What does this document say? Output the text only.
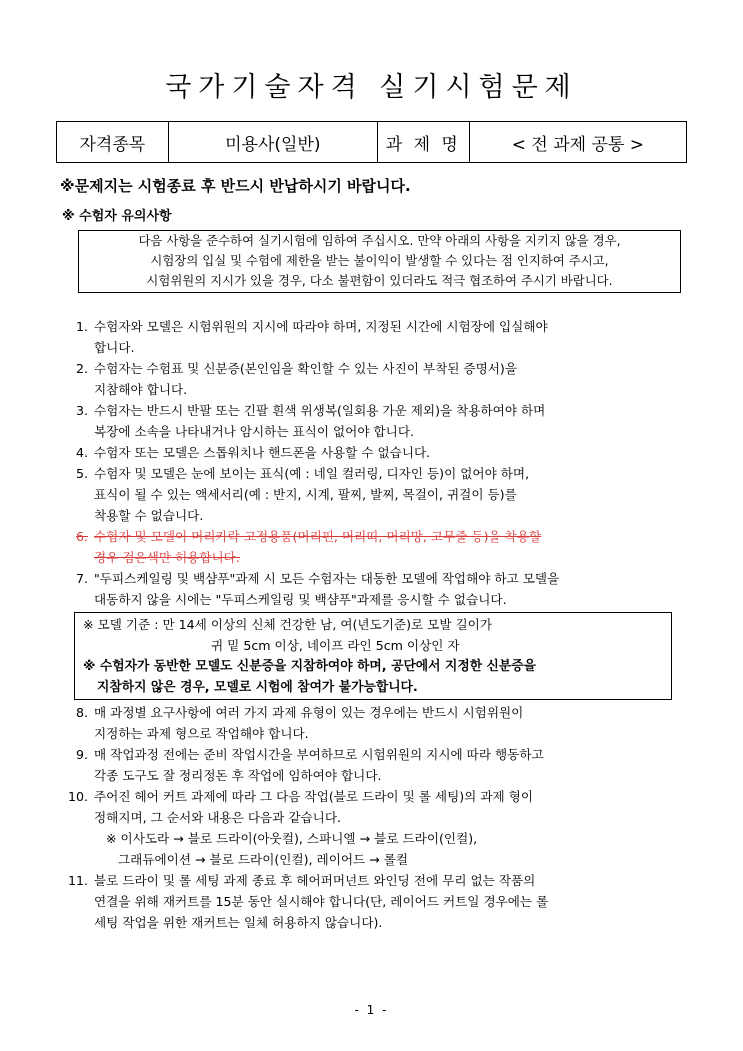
국가기술자격 실기시험문제
자격종목	미용사(일반)	과 제 명	< 전 과제 공통 >
※문제지는 시험종료 후 반드시 반납하시기 바랍니다.
※ 수험자 유의사항
다음 사항을 준수하여 실기시험에 임하여 주십시오. 만약 아래의 사항을 지키지 않을 경우,
시험장의 입실 및 수험에 제한을 받는 불이익이 발생할 수 있다는 점 인지하여 주시고,
시험위원의 지시가 있을 경우, 다소 불편함이 있더라도 적극 협조하여 주시기 바랍니다.
1. 수험자와 모델은 시험위원의 지시에 따라야 하며, 지정된 시간에 시험장에 입실해야
합니다.
2. 수험자는 수험표 및 신분증(본인임을 확인할 수 있는 사진이 부착된 증명서)을
지참해야 합니다.
3. 수험자는 반드시 반팔 또는 긴팔 흰색 위생복(일회용 가운 제외)을 착용하여야 하며
복장에 소속을 나타내거나 암시하는 표식이 없어야 합니다.
4. 수험자 또는 모델은 스톱워치나 핸드폰을 사용할 수 없습니다.
5. 수험자 및 모델은 눈에 보이는 표식(예 : 네일 컬러링, 디자인 등)이 없어야 하며,
표식이 될 수 있는 액세서리(예 : 반지, 시계, 팔찌, 발찌, 목걸이, 귀걸이 등)를
착용할 수 없습니다.
6. 수험자 및 모델이 머리카락 고정용품(머리핀, 머리띠, 머리망, 고무줄 등)을 착용할
경우 검은색만 허용합니다.
7. "두피스케일링 및 백샴푸"과제 시 모든 수험자는 대동한 모델에 작업해야 하고 모델을
대동하지 않을 시에는 "두피스케일링 및 백샴푸"과제를 응시할 수 없습니다.
※ 모델 기준 : 만 14세 이상의 신체 건강한 남, 여(년도기준)로 모발 길이가
귀 밑 5cm 이상, 네이프 라인 5cm 이상인 자
※ 수험자가 동반한 모델도 신분증을 지참하여야 하며, 공단에서 지정한 신분증을
지참하지 않은 경우, 모델로 시험에 참여가 불가능합니다.
8. 매 과정별 요구사항에 여러 가지 과제 유형이 있는 경우에는 반드시 시험위원이
지정하는 과제 형으로 작업해야 합니다.
9. 매 작업과정 전에는 준비 작업시간을 부여하므로 시험위원의 지시에 따라 행동하고
각종 도구도 잘 정리정돈 후 작업에 임하여야 합니다.
10. 주어진 헤어 커트 과제에 따라 그 다음 작업(블로 드라이 및 롤 세팅)의 과제 형이
정해지며, 그 순서와 내용은 다음과 같습니다.
※ 이사도라 → 블로 드라이(아웃컬), 스파니엘 → 블로 드라이(인컬),
그래듀에이션 → 블로 드라이(인컬), 레이어드 → 롤컬
11. 블로 드라이 및 롤 세팅 과제 종료 후 헤어퍼머넌트 와인딩 전에 무리 없는 작품의
연결을 위해 재커트를 15분 동안 실시해야 합니다(단, 레이어드 커트일 경우에는 롤
세팅 작업을 위한 재커트는 일체 허용하지 않습니다).
- 1 -
